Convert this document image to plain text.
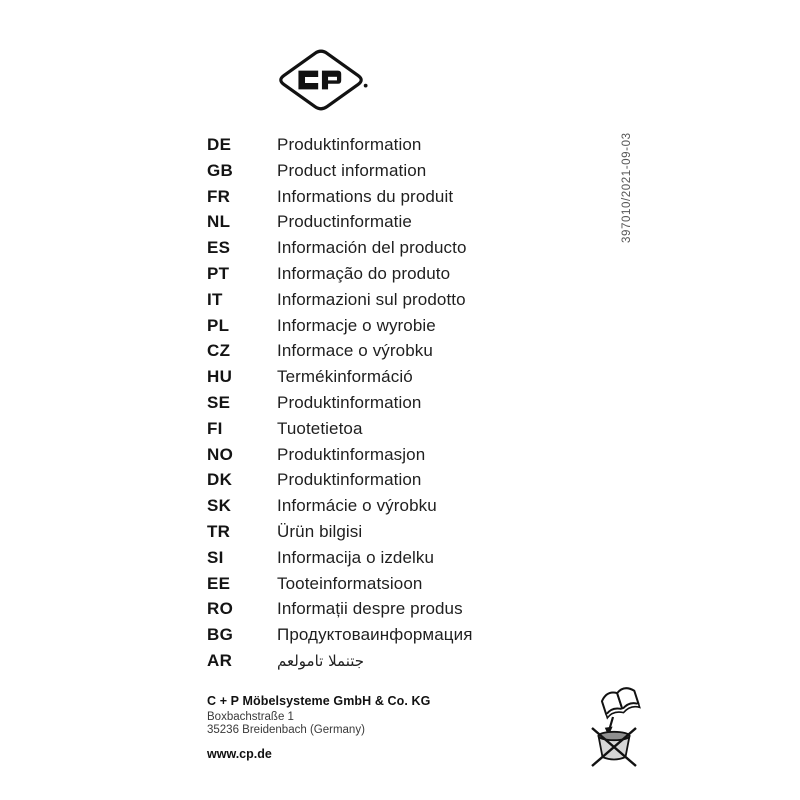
DE	Produktinformation
GB	Product information
FR	Informations du produit
NL	Productinformatie
ES	Información del producto
PT	Informação do produto
IT	Informazioni sul prodotto
PL	Informacje o wyrobie
CZ	Informace o výrobku
HU	Termékinformáció
SE	Produktinformation
FI	Tuotetietoa
NO	Produktinformasjon
DK	Produktinformation
SK	Informácie o výrobku
TR	Ürün bilgisi
SI	Informacija o izdelku
EE	Tooteinformatsioon
RO	Informații despre produs
BG	Продуктоваинформация
AR	معلومات المنتج
397010/2021-09-03
C + P Möbelsysteme GmbH & Co. KG
Boxbachstraße 1
35236 Breidenbach (Germany)
www.cp.de
